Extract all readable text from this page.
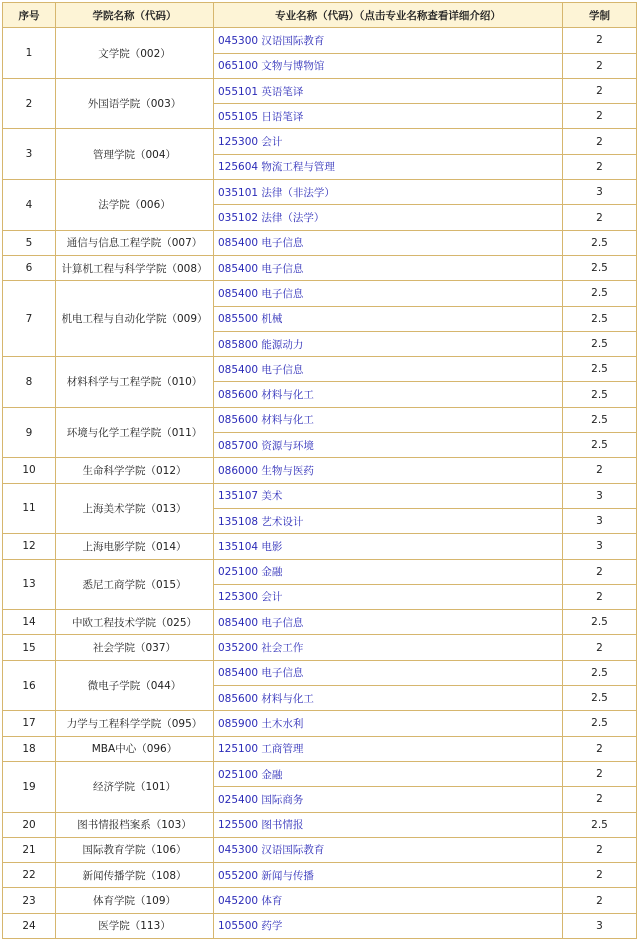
序号	学院名称（代码）	专业名称（代码）（点击专业名称查看详细介绍）	学制
1	文学院（002）	045300 汉语国际教育	2
		065100 文物与博物馆	2
2	外国语学院（003）	055101 英语笔译	2
		055105 日语笔译	2
3	管理学院（004）	125300 会计	2
		125604 物流工程与管理	2
4	法学院（006）	035101 法律（非法学）	3
		035102 法律（法学）	2
5	通信与信息工程学院（007）	085400 电子信息	2.5
6	计算机工程与科学学院（008）	085400 电子信息	2.5
7	机电工程与自动化学院（009）	085400 电子信息	2.5
		085500 机械	2.5
		085800 能源动力	2.5
8	材料科学与工程学院（010）	085400 电子信息	2.5
		085600 材料与化工	2.5
9	环境与化学工程学院（011）	085600 材料与化工	2.5
		085700 资源与环境	2.5
10	生命科学学院（012）	086000 生物与医药	2
11	上海美术学院（013）	135107 美术	3
		135108 艺术设计	3
12	上海电影学院（014）	135104 电影	3
13	悉尼工商学院（015）	025100 金融	2
		125300 会计	2
14	中欧工程技术学院（025）	085400 电子信息	2.5
15	社会学院（037）	035200 社会工作	2
16	微电子学院（044）	085400 电子信息	2.5
		085600 材料与化工	2.5
17	力学与工程科学学院（095）	085900 土木水利	2.5
18	MBA中心（096）	125100 工商管理	2
19	经济学院（101）	025100 金融	2
		025400 国际商务	2
20	图书情报档案系（103）	125500 图书情报	2.5
21	国际教育学院（106）	045300 汉语国际教育	2
22	新闻传播学院（108）	055200 新闻与传播	2
23	体育学院（109）	045200 体育	2
24	医学院（113）	105500 药学	3
